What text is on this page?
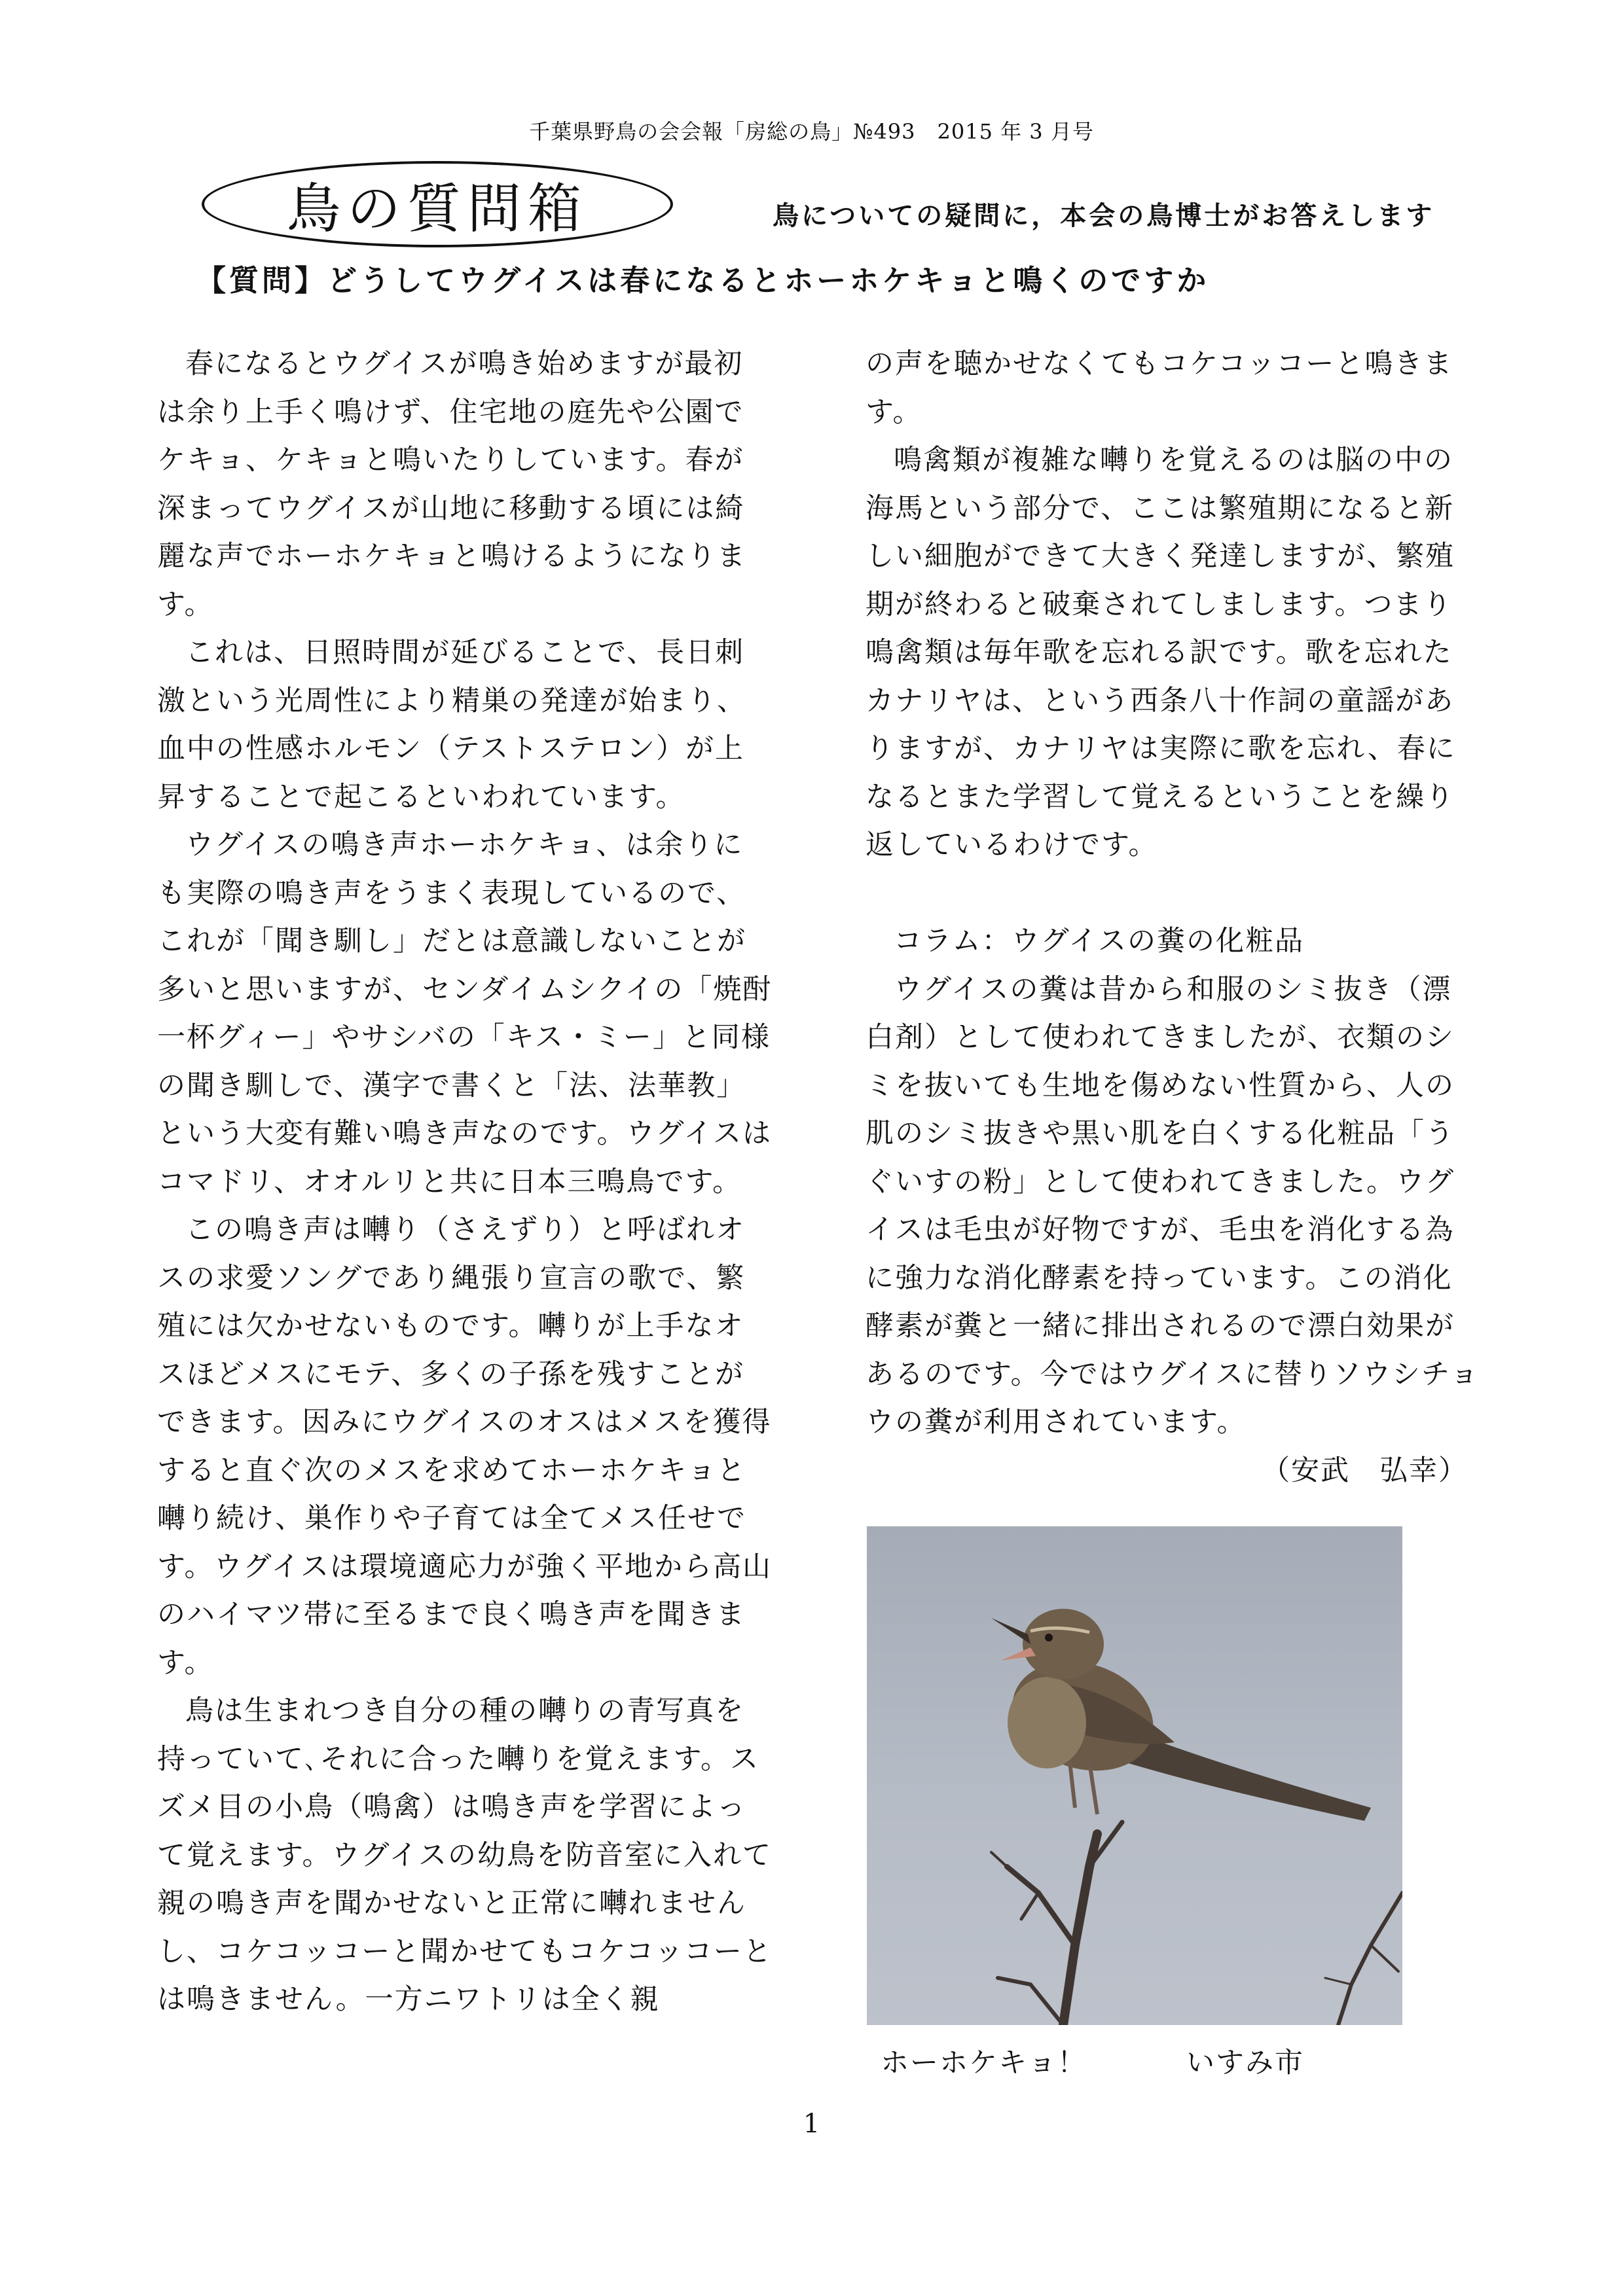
千葉県野鳥の会会報「房総の鳥」№493　2015 年 3 月号
鳥の質問箱	鳥についての疑問に，本会の鳥博士がお答えします
【質問】どうしてウグイスは春になるとホーホケキョと鳴くのですか

春になるとウグイスが鳴き始めますが最初は余り上手く鳴けず、住宅地の庭先や公園でケキョ、ケキョと鳴いたりしています。春が深まってウグイスが山地に移動する頃には綺麗な声でホーホケキョと鳴けるようになります。

これは、日照時間が延びることで、長日刺激という光周性により精巣の発達が始まり、血中の性感ホルモン（テストステロン）が上昇することで起こるといわれています。

ウグイスの鳴き声ホーホケキョ、は余りにも実際の鳴き声をうまく表現しているので、これが「聞き馴し」だとは意識しないことが多いと思いますが、センダイムシクイの「焼酎一杯グィー」やサシバの「キス・ミー」と同様の聞き馴しで、漢字で書くと「法、法華教」という大変有難い鳴き声なのです。ウグイスはコマドリ、オオルリと共に日本三鳴鳥です。

この鳴き声は囀り（さえずり）と呼ばれオスの求愛ソングであり縄張り宣言の歌で、繁殖には欠かせないものです。囀りが上手なオスほどメスにモテ、多くの子孫を残すことができます。因みにウグイスのオスはメスを獲得すると直ぐ次のメスを求めてホーホケキョと囀り続け、巣作りや子育ては全てメス任せです。ウグイスは環境適応力が強く平地から高山のハイマツ帯に至るまで良く鳴き声を聞きます。

鳥は生まれつき自分の種の囀りの青写真を持っていて､それに合った囀りを覚えます。スズメ目の小鳥（鳴禽）は鳴き声を学習によって覚えます。ウグイスの幼鳥を防音室に入れて親の鳴き声を聞かせないと正常に囀れませんし、コケコッコーと聞かせてもコケコッコーとは鳴きません。一方ニワトリは全く親

の声を聴かせなくてもコケコッコーと鳴きます。

鳴禽類が複雑な囀りを覚えるのは脳の中の海馬という部分で、ここは繁殖期になると新しい細胞ができて大きく発達しますが、繁殖期が終わると破棄されてしまします。つまり鳴禽類は毎年歌を忘れる訳です。歌を忘れたカナリヤは、という西条八十作詞の童謡がありますが、カナリヤは実際に歌を忘れ、春になるとまた学習して覚えるということを繰り返しているわけです。

コラム：ウグイスの糞の化粧品

ウグイスの糞は昔から和服のシミ抜き（漂白剤）として使われてきましたが、衣類のシミを抜いても生地を傷めない性質から、人の肌のシミ抜きや黒い肌を白くする化粧品「うぐいすの粉」として使われてきました。ウグイスは毛虫が好物ですが、毛虫を消化する為に強力な消化酵素を持っています。この消化酵素が糞と一緒に排出されるので漂白効果があるのです。今ではウグイスに替りソウシチョウの糞が利用されています。

（安武　弘幸）

ホーホケキョ！	いすみ市
1
